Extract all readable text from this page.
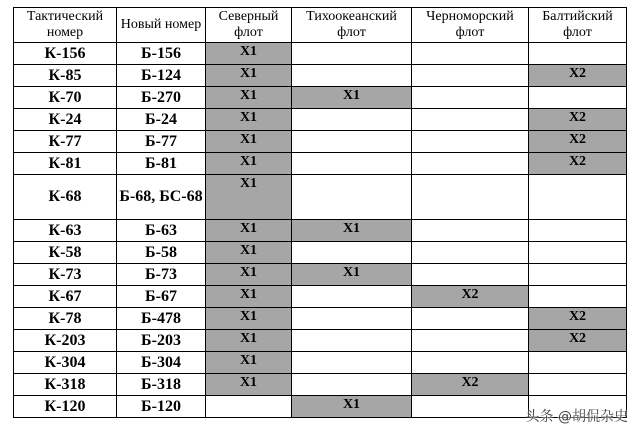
Тактический номер	Новый номер	Северный флот	Тихоокеанский флот	Черноморский флот	Балтийский флот
К-156	Б-156	X1			
К-85	Б-124	X1			X2
К-70	Б-270	X1	X1		
К-24	Б-24	X1			X2
К-77	Б-77	X1			X2
К-81	Б-81	X1			X2
К-68	Б-68, БС-68	X1			
К-63	Б-63	X1	X1		
К-58	Б-58	X1			
К-73	Б-73	X1	X1		
К-67	Б-67	X1		X2	
К-78	Б-478	X1			X2
К-203	Б-203	X1			X2
К-304	Б-304	X1			
К-318	Б-318	X1		X2	
К-120	Б-120		X1		
头条 @胡侃杂史
